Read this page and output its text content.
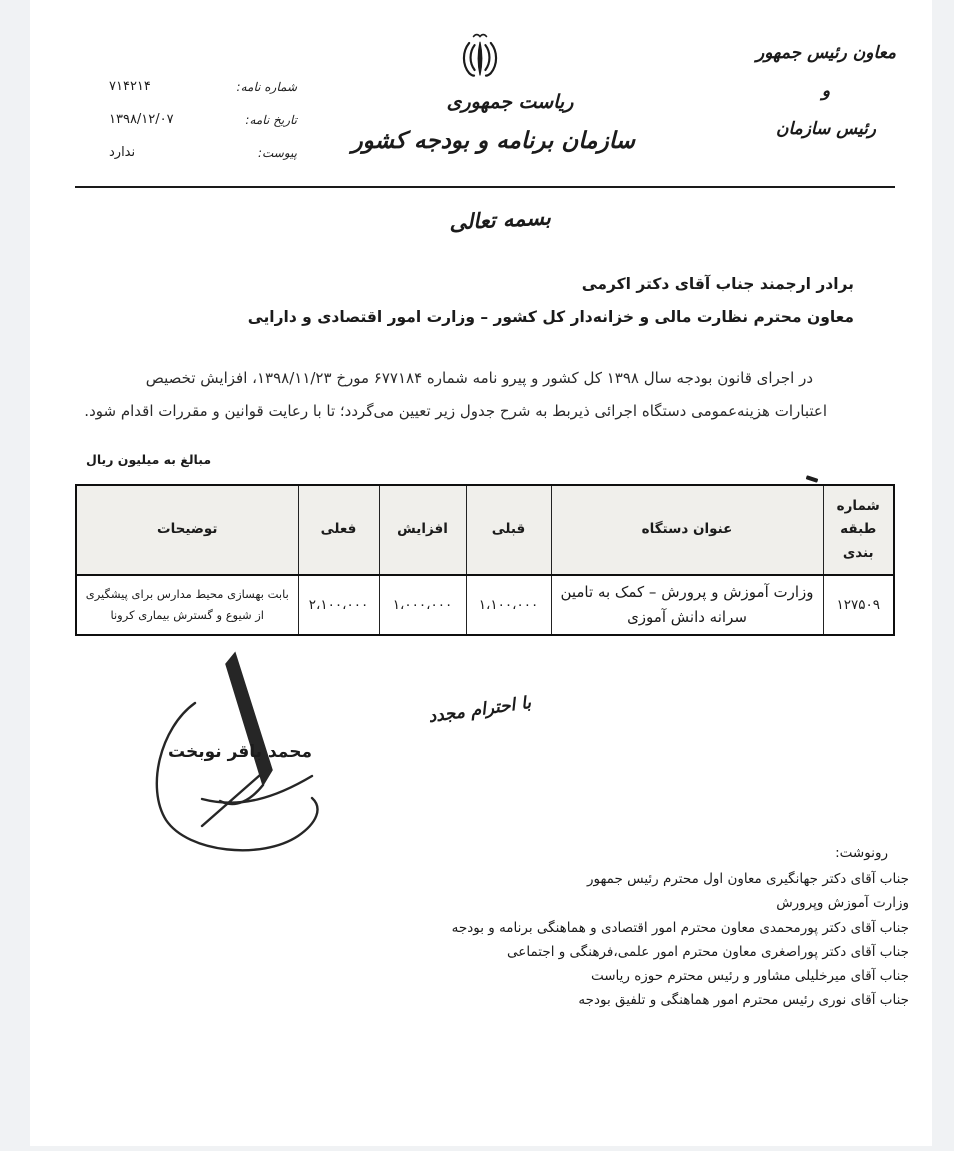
معاون رئیس جمهور
و
رئیس سازمان
ریاست جمهوری
سازمان برنامه و بودجه کشور
شماره نامه:
۷۱۴۲۱۴
تاریخ نامه:
۱۳۹۸/۱۲/۰۷
پیوست:
ندارد
بسمه تعالی
برادر ارجمند جناب آقای دکتر اکرمی
معاون محترم نظارت مالی و خزانه‌دار کل کشور – وزارت امور اقتصادی و دارایی
در اجرای قانون بودجه سال ۱۳۹۸ کل کشور و پیرو نامه شماره ۶۷۷۱۸۴ مورخ ۱۳۹۸/۱۱/۲۳، افزایش تخصیص
اعتبارات هزینه‌عمومی دستگاه اجرائی ذیربط به شرح جدول زیر تعیین می‌گردد؛ تا با رعایت قوانین و مقررات اقدام شود.
مبالغ به میلیون ریال
شماره طبقه بندی	عنوان دستگاه	قبلی	افزایش	فعلی	توضیحات
۱۲۷۵۰۹	وزارت آموزش و پرورش – کمک به تامین سرانه دانش آموزی	۱،۱۰۰،۰۰۰	۱،۰۰۰،۰۰۰	۲،۱۰۰،۰۰۰	بابت بهسازی محیط مدارس برای پیشگیری از شیوع و گسترش بیماری کرونا
با احترام مجدد
محمد باقر نوبخت
رونوشت:
جناب آقای دکتر جهانگیری معاون اول محترم رئیس جمهور
وزارت آموزش وپرورش
جناب آقای دکتر پورمحمدی معاون محترم امور اقتصادی و هماهنگی برنامه و بودجه
جناب آقای دکتر پوراصغری معاون محترم امور علمی،فرهنگی و اجتماعی
جناب آقای میرخلیلی مشاور و رئیس محترم حوزه ریاست
جناب آقای نوری رئیس محترم امور هماهنگی و تلفیق بودجه
